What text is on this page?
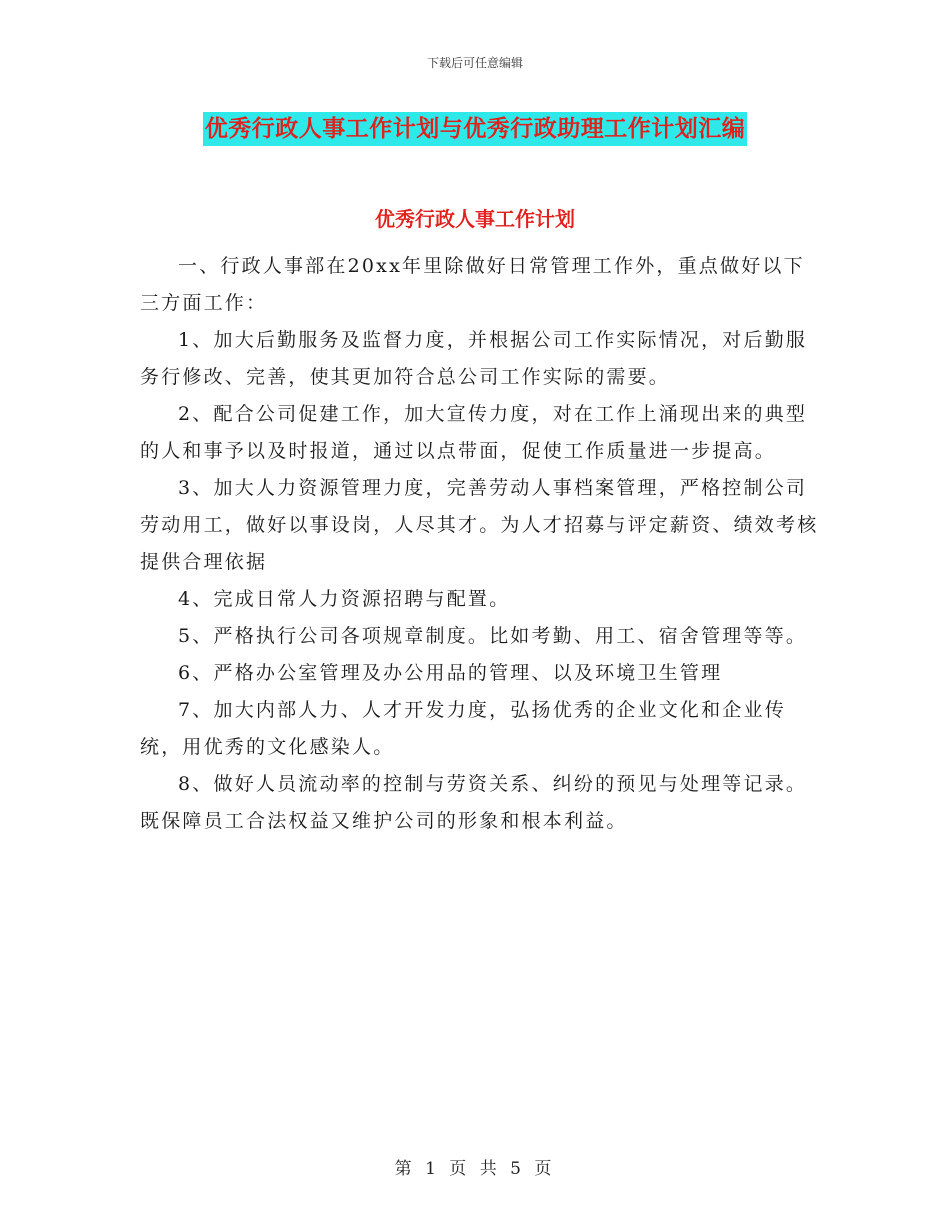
下载后可任意编辑
优秀行政人事工作计划与优秀行政助理工作计划汇编
优秀行政人事工作计划

一、行政人事部在20xx年里除做好日常管理工作外，重点做好以下三方面工作：

1、加大后勤服务及监督力度，并根据公司工作实际情况，对后勤服务行修改、完善，使其更加符合总公司工作实际的需要。

2、配合公司促建工作，加大宣传力度，对在工作上涌现出来的典型的人和事予以及时报道，通过以点带面，促使工作质量进一步提高。

3、加大人力资源管理力度，完善劳动人事档案管理，严格控制公司劳动用工，做好以事设岗，人尽其才。为人才招募与评定薪资、绩效考核提供合理依据

4、完成日常人力资源招聘与配置。

5、严格执行公司各项规章制度。比如考勤、用工、宿舍管理等等。

6、严格办公室管理及办公用品的管理、以及环境卫生管理

7、加大内部人力、人才开发力度，弘扬优秀的企业文化和企业传统，用优秀的文化感染人。

8、做好人员流动率的控制与劳资关系、纠纷的预见与处理等记录。既保障员工合法权益又维护公司的形象和根本利益。

第 1 页 共 5 页
